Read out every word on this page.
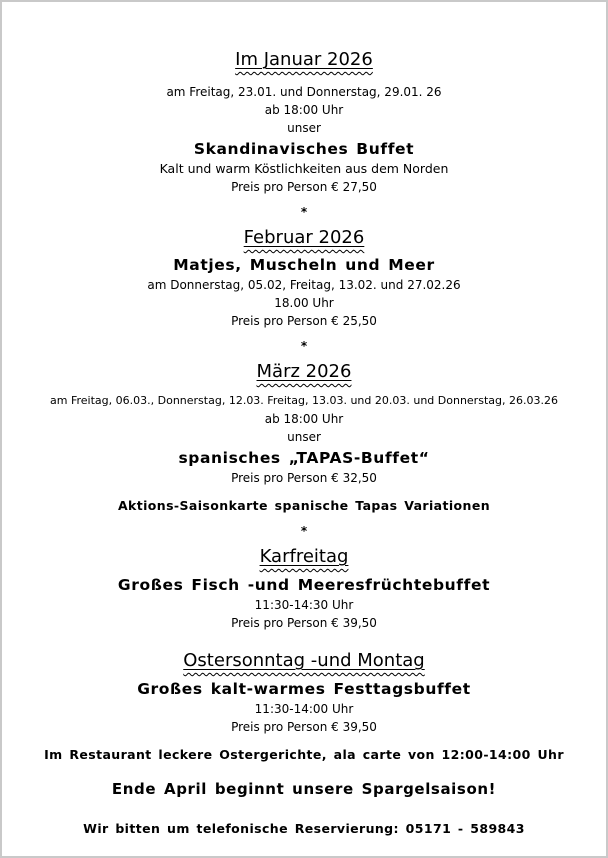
Im Januar 2026
am Freitag, 23.01. und Donnerstag, 29.01. 26
ab 18:00 Uhr
unser
Skandinavisches Buffet
Kalt und warm Köstlichkeiten aus dem Norden
Preis pro Person € 27,50
*
Februar 2026
Matjes, Muscheln und Meer
am Donnerstag, 05.02, Freitag, 13.02. und 27.02.26
18.00 Uhr
Preis pro Person € 25,50
*
März 2026
am Freitag, 06.03., Donnerstag, 12.03. Freitag, 13.03. und 20.03. und Donnerstag, 26.03.26
ab 18:00 Uhr
unser
spanisches „TAPAS-Buffet“
Preis pro Person € 32,50
Aktions-Saisonkarte spanische Tapas Variationen
*
Karfreitag
Großes Fisch -und Meeresfrüchtebuffet
11:30-14:30 Uhr
Preis pro Person € 39,50
Ostersonntag -und Montag
Großes kalt-warmes Festtagsbuffet
11:30-14:00 Uhr
Preis pro Person € 39,50
Im Restaurant leckere Ostergerichte, ala carte von 12:00-14:00 Uhr
Ende April beginnt unsere Spargelsaison!
Wir bitten um telefonische Reservierung: 05171 - 589843
